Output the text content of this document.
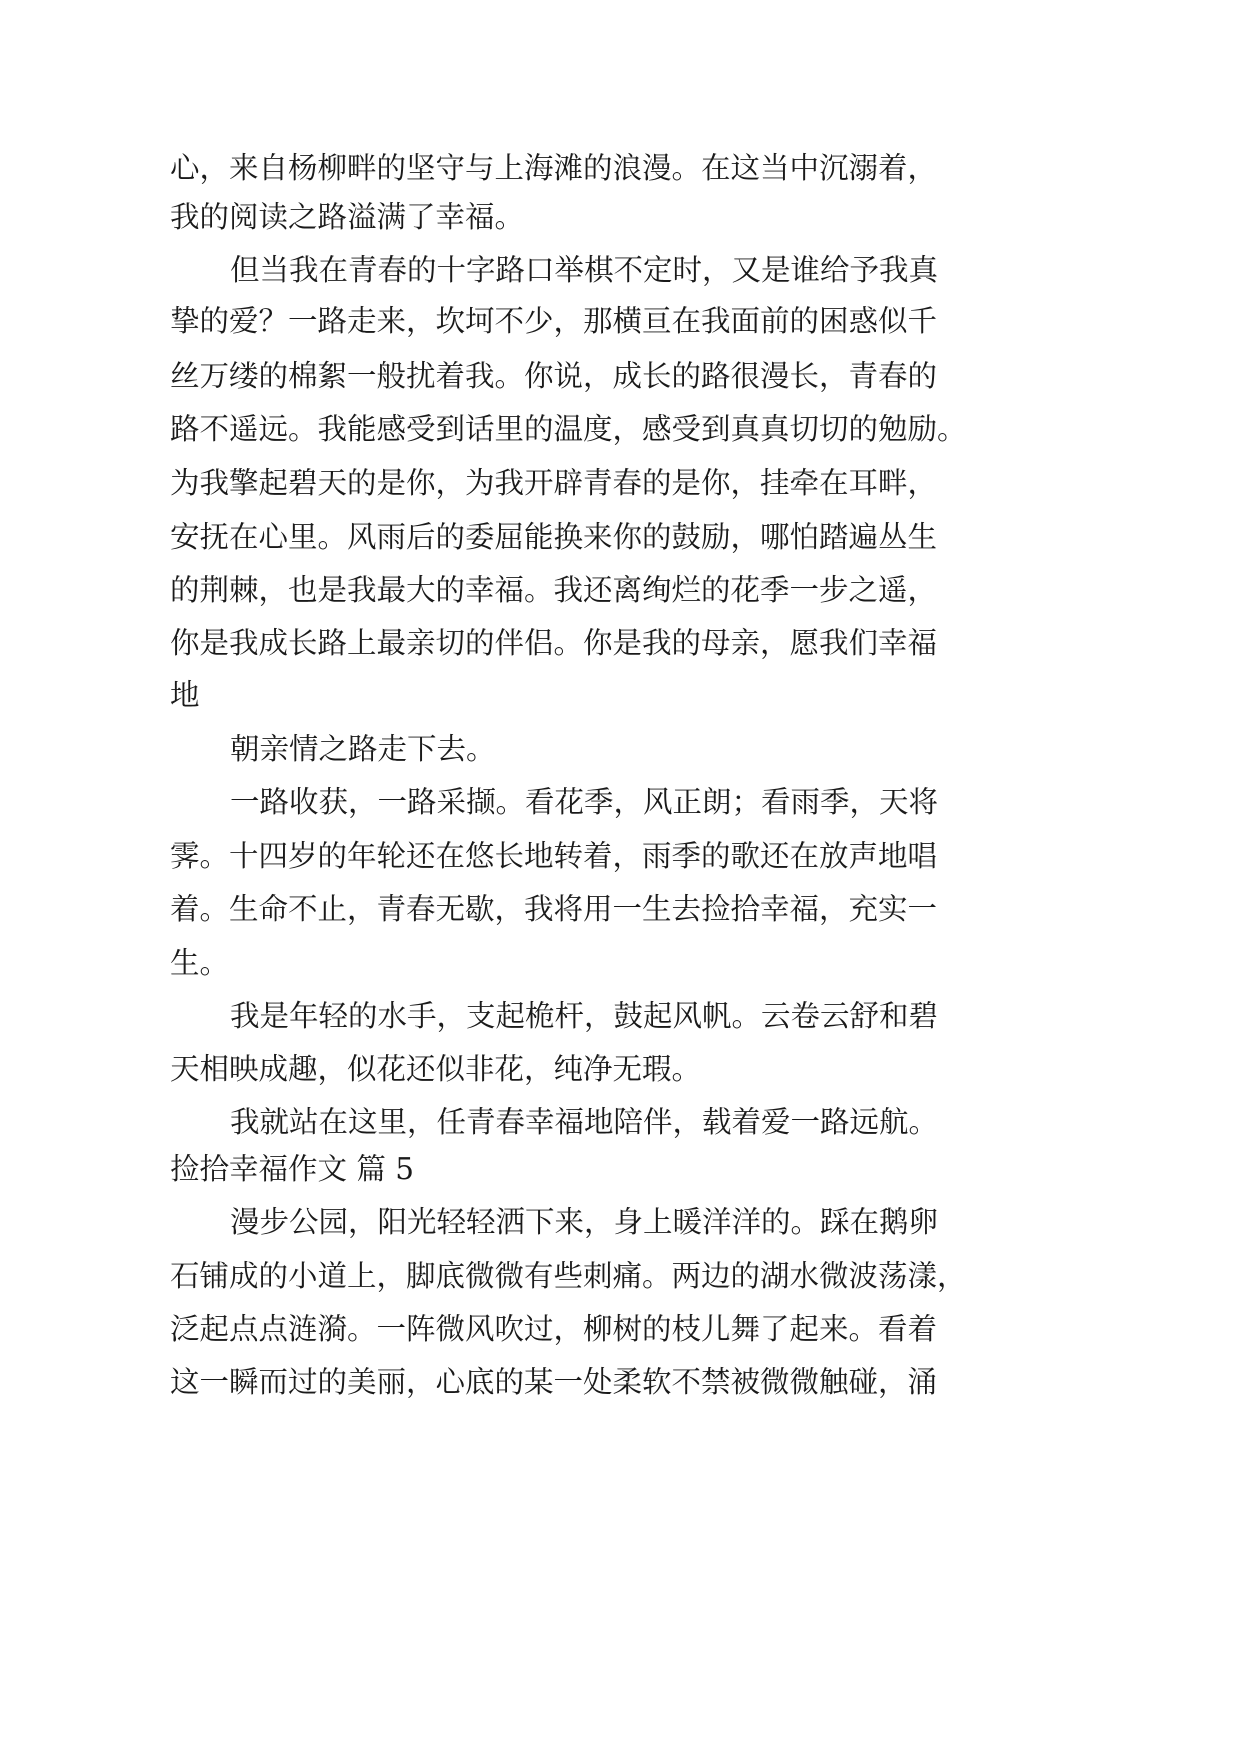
心，来自杨柳畔的坚守与上海滩的浪漫。在这当中沉溺着，
我的阅读之路溢满了幸福。
但当我在青春的十字路口举棋不定时，又是谁给予我真
挚的爱？一路走来，坎坷不少，那横亘在我面前的困惑似千
丝万缕的棉絮一般扰着我。你说，成长的路很漫长，青春的
路不遥远。我能感受到话里的温度，感受到真真切切的勉励。
为我擎起碧天的是你，为我开辟青春的是你，挂牵在耳畔，
安抚在心里。风雨后的委屈能换来你的鼓励，哪怕踏遍丛生
的荆棘，也是我最大的幸福。我还离绚烂的花季一步之遥，
你是我成长路上最亲切的伴侣。你是我的母亲，愿我们幸福
地
朝亲情之路走下去。
一路收获，一路采撷。看花季，风正朗；看雨季，天将
霁。十四岁的年轮还在悠长地转着，雨季的歌还在放声地唱
着。生命不止，青春无歇，我将用一生去捡拾幸福，充实一
生。
我是年轻的水手，支起桅杆，鼓起风帆。云卷云舒和碧
天相映成趣，似花还似非花，纯净无瑕。
我就站在这里，任青春幸福地陪伴，载着爱一路远航。
捡拾幸福作文 篇 5
漫步公园，阳光轻轻洒下来，身上暖洋洋的。踩在鹅卵
石铺成的小道上，脚底微微有些刺痛。两边的湖水微波荡漾，
泛起点点涟漪。一阵微风吹过，柳树的枝儿舞了起来。看着
这一瞬而过的美丽，心底的某一处柔软不禁被微微触碰，涌
